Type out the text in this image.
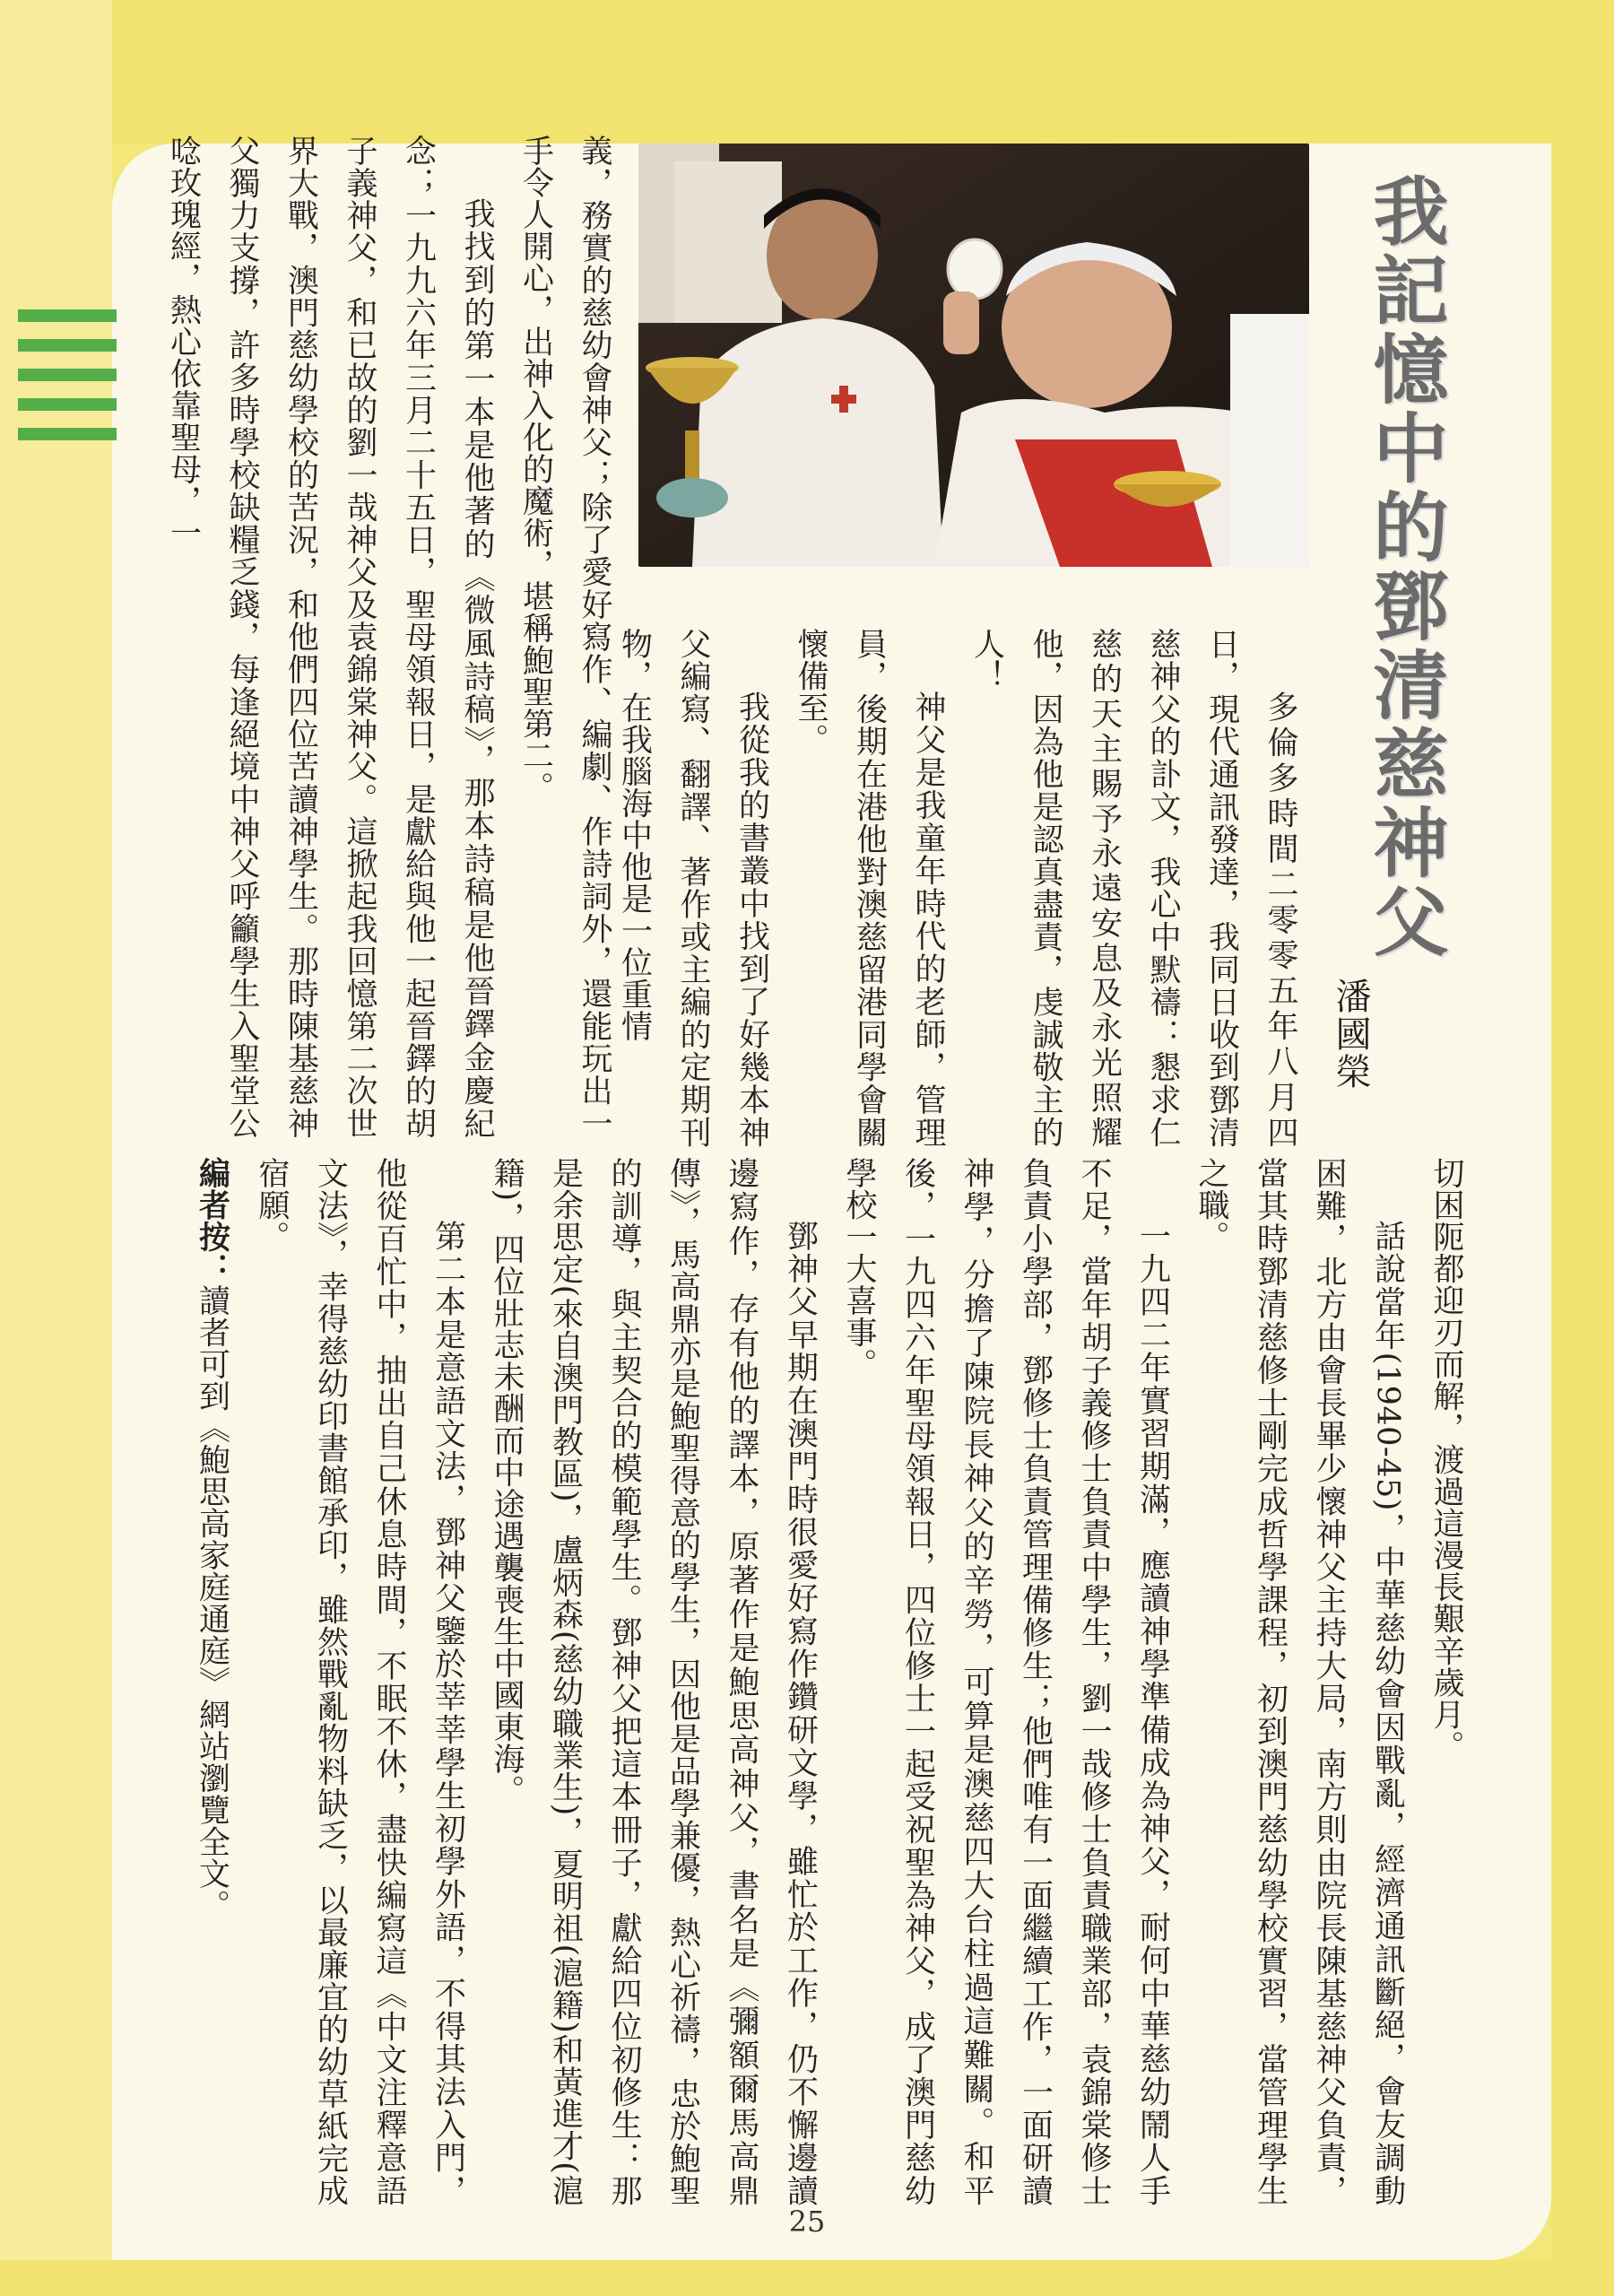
我記憶中的鄧清慈神父
潘國榮

多倫多時間二零零五年八月四日，現代通訊發達，我同日收到鄧清慈神父的訃文，我心中默禱：懇求仁慈的天主賜予永遠安息及永光照耀他，因為他是認真盡責，虔誠敬主的人！

神父是我童年時代的老師，管理員，後期在港他對澳慈留港同學會關懷備至。

我從我的書叢中找到了好幾本神父編寫、翻譯、著作或主編的定期刊物，在我腦海中他是一位重情

義，務實的慈幼會神父；除了愛好寫作、編劇、作詩詞外，還能玩出一手令人開心，出神入化的魔術，堪稱鮑聖第二。

我找到的第一本是他著的《微風詩稿》，那本詩稿是他晉鐸金慶紀念；一九九六年三月二十五日，聖母領報日，是獻給與他一起晉鐸的胡子義神父，和已故的劉一哉神父及袁錦棠神父。這掀起我回憶第二次世界大戰，澳門慈幼學校的苦況，和他們四位苦讀神學生。那時陳基慈神父獨力支撐，許多時學校缺糧乏錢，每逢絕境中神父呼籲學生入聖堂公唸玫瑰經，熱心依靠聖母，一

切困阨都迎刃而解，渡過這漫長艱辛歲月。

話說當年(1940-45)，中華慈幼會因戰亂，經濟通訊斷絕，會友調動困難，北方由會長畢少懷神父主持大局，南方則由院長陳基慈神父負責，當其時鄧清慈修士剛完成哲學課程，初到澳門慈幼學校實習，當管理學生之職。

一九四二年實習期滿，應讀神學準備成為神父，耐何中華慈幼鬧人手不足，當年胡子義修士負責中學生，劉一哉修士負責職業部，袁錦棠修士負責小學部，鄧修士負責管理備修生；他們唯有一面繼續工作，一面研讀神學，分擔了陳院長神父的辛勞，可算是澳慈四大台柱過這難關。和平後，一九四六年聖母領報日，四位修士一起受祝聖為神父，成了澳門慈幼學校一大喜事。

鄧神父早期在澳門時很愛好寫作鑽研文學，雖忙於工作，仍不懈邊讀邊寫作，存有他的譯本，原著作是鮑思高神父，書名是《彌額爾馬高鼎傳》，馬高鼎亦是鮑聖得意的學生，因他是品學兼優，熱心祈禱，忠於鮑聖的訓導，與主契合的模範學生。鄧神父把這本冊子，獻給四位初修生：那是余思定(來自澳門教區)，盧炳森(慈幼職業生)，夏明祖(滬籍)和黃進才(滬籍)，四位壯志未酬而中途遇襲喪生中國東海。

第二本是意語文法，鄧神父鑒於莘莘學生初學外語，不得其法入門，他從百忙中，抽出自己休息時間，不眠不休，盡快編寫這《中文注釋意語文法》，幸得慈幼印書館承印，雖然戰亂物料缺乏，以最廉宜的幼草紙完成宿願。

編者按：讀者可到《鮑思高家庭通庭》網站瀏覽全文。

25
